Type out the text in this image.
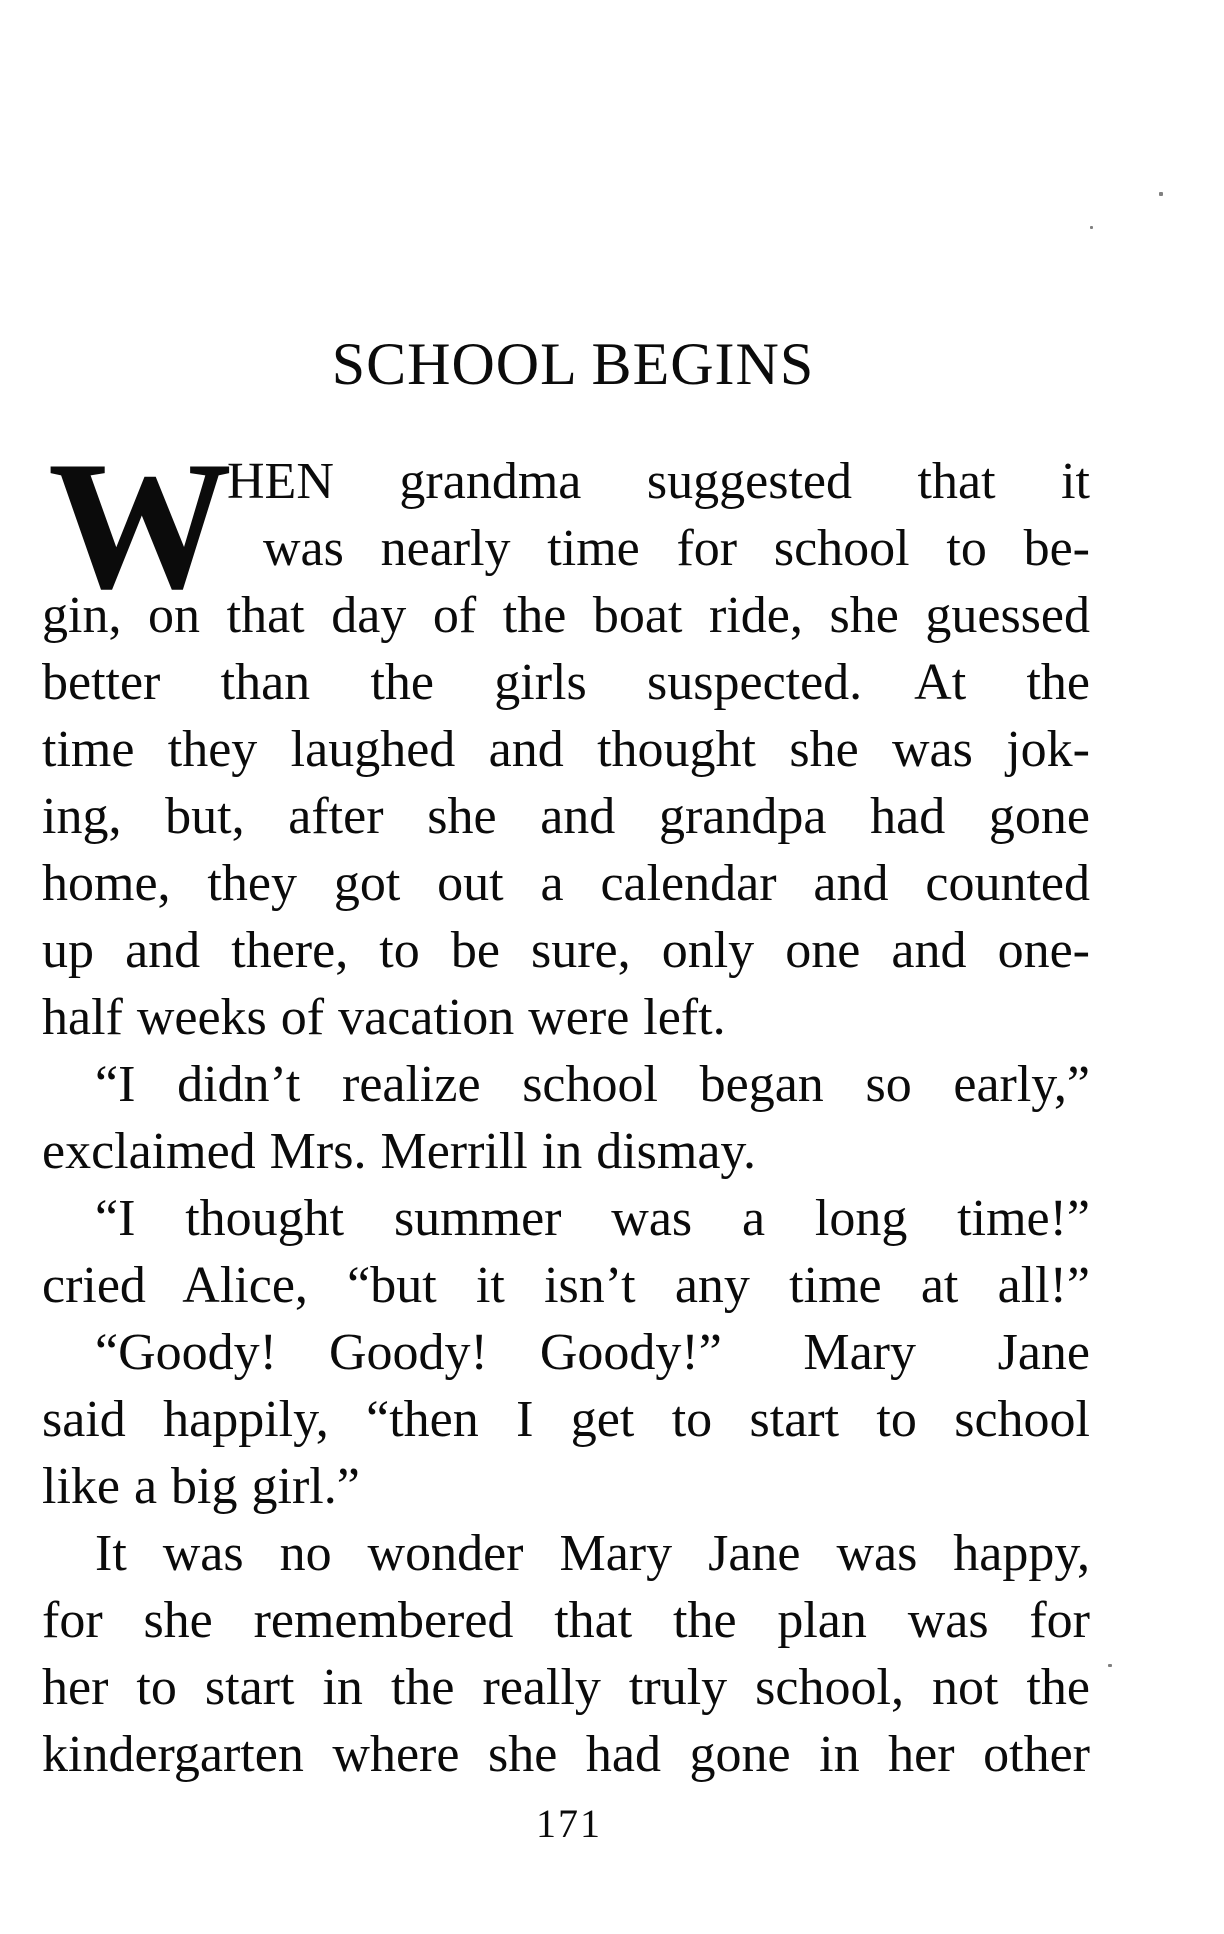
SCHOOL BEGINS
W
HEN grandma suggested that it
was nearly time for school to be-
gin, on that day of the boat ride, she guessed
better than the girls suspected. At the
time they laughed and thought she was jok-
ing, but, after she and grandpa had gone
home, they got out a calendar and counted
up and there, to be sure, only one and one-
half weeks of vacation were left.
“I didn’t realize school began so early,”
exclaimed Mrs. Merrill in dismay.
“I thought summer was a long time!”
cried Alice, “but it isn’t any time at all!”
“Goody! Goody! Goody!” Mary Jane
said happily, “then I get to start to school
like a big girl.”
It was no wonder Mary Jane was happy,
for she remembered that the plan was for
her to start in the really truly school, not the
kindergarten where she had gone in her other
171
